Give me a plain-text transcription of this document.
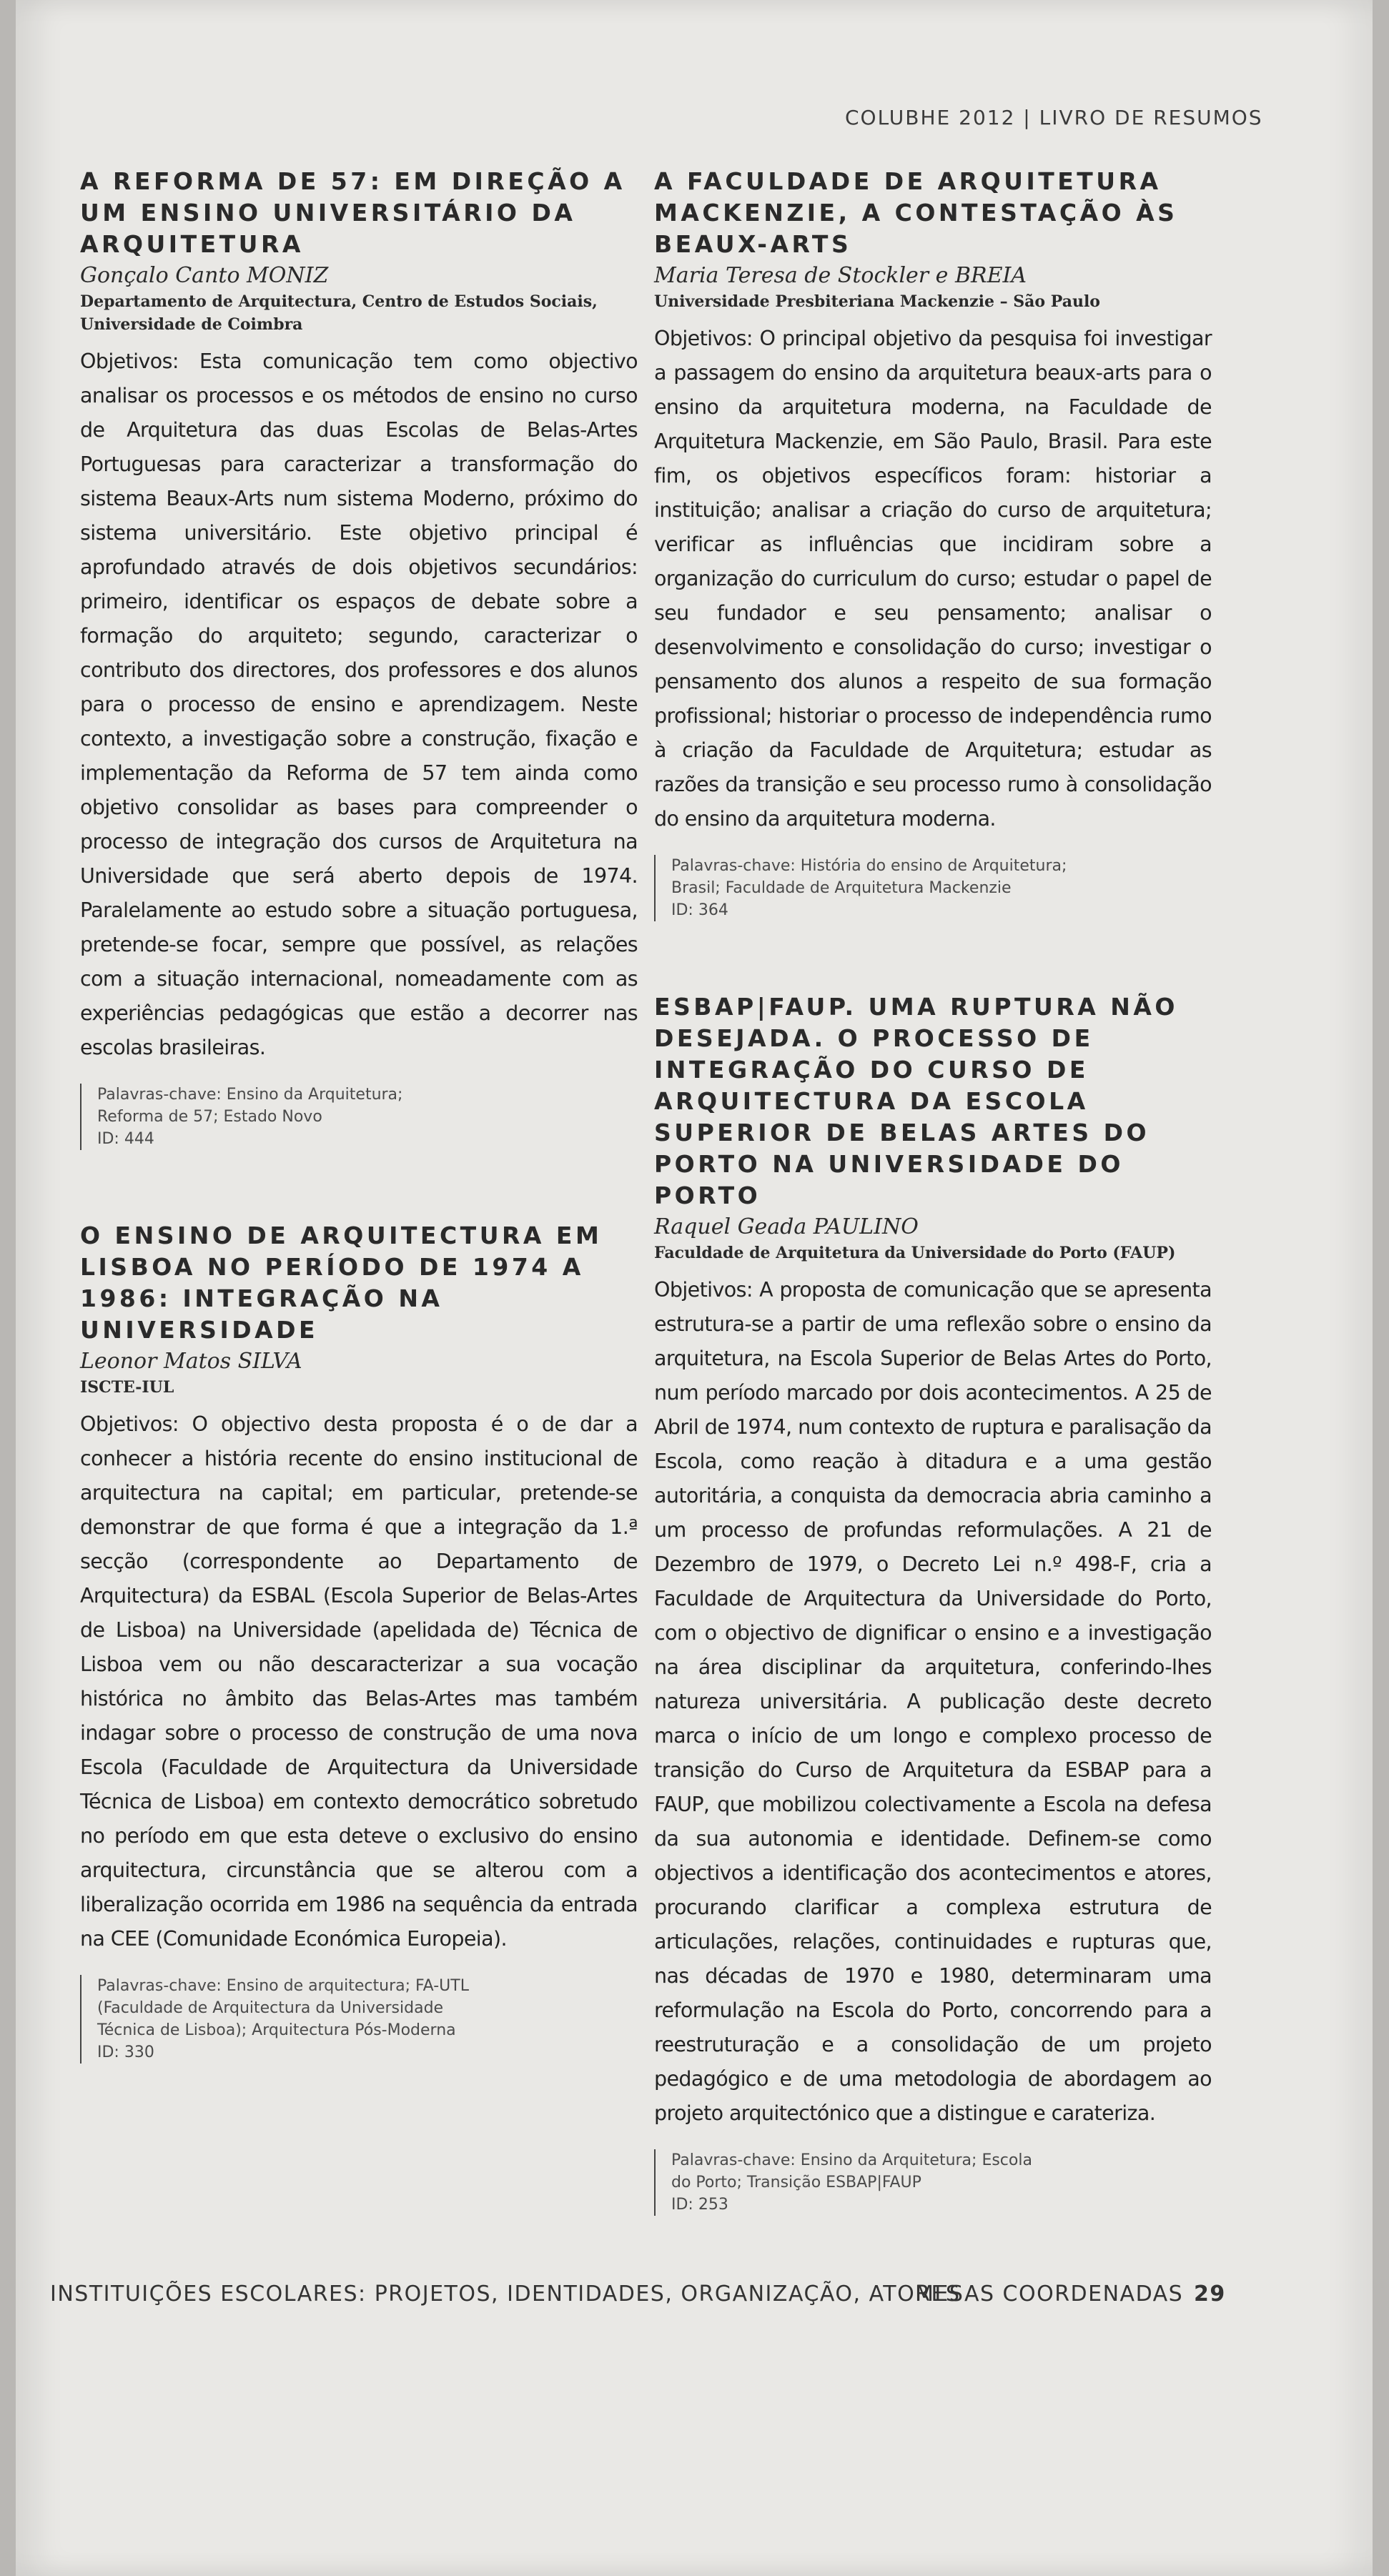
COLUBHE 2012 | LIVRO DE RESUMOS
A REFORMA DE 57: EM DIREÇÃO A UM ENSINO UNIVERSITÁRIO DA ARQUITETURA
Gonçalo Canto MONIZ
Departamento de Arquitectura, Centro de Estudos Sociais, Universidade de Coimbra

Objetivos: Esta comunicação tem como objectivo analisar os processos e os métodos de ensino no curso de Arquitetura das duas Escolas de Belas-Artes Portuguesas para caracterizar a transformação do sistema Beaux-Arts num sistema Moderno, próximo do sistema universitário. Este objetivo principal é aprofundado através de dois objetivos secundários: primeiro, identificar os espaços de debate sobre a formação do arquiteto; segundo, caracterizar o contributo dos directores, dos professores e dos alunos para o processo de ensino e aprendizagem. Neste contexto, a investigação sobre a construção, fixação e implementação da Reforma de 57 tem ainda como objetivo consolidar as bases para compreender o processo de integração dos cursos de Arquitetura na Universidade que será aberto depois de 1974. Paralelamente ao estudo sobre a situação portuguesa, pretende-se focar, sempre que possível, as relações com a situação internacional, nomeadamente com as experiências pedagógicas que estão a decorrer nas escolas brasileiras.

Palavras-chave: Ensino da Arquitetura;
Reforma de 57; Estado Novo
ID: 444
O ENSINO DE ARQUITECTURA EM LISBOA NO PERÍODO DE 1974 A 1986: INTEGRAÇÃO NA UNIVERSIDADE
Leonor Matos SILVA
ISCTE-IUL

Objetivos: O objectivo desta proposta é o de dar a conhecer a história recente do ensino institucional de arquitectura na capital; em particular, pretende-se demonstrar de que forma é que a integração da 1.ª secção (correspondente ao Departamento de Arquitectura) da ESBAL (Escola Superior de Belas-Artes de Lisboa) na Universidade (apelidada de) Técnica de Lisboa vem ou não descaracterizar a sua vocação histórica no âmbito das Belas-Artes mas também indagar sobre o processo de construção de uma nova Escola (Faculdade de Arquitectura da Universidade Técnica de Lisboa) em contexto democrático sobretudo no período em que esta deteve o exclusivo do ensino arquitectura, circunstância que se alterou com a liberalização ocorrida em 1986 na sequência da entrada na CEE (Comunidade Económica Europeia).

Palavras-chave: Ensino de arquitectura; FA-UTL
(Faculdade de Arquitectura da Universidade
Técnica de Lisboa); Arquitectura Pós-Moderna
ID: 330
A FACULDADE DE ARQUITETURA MACKENZIE, A CONTESTAÇÃO ÀS BEAUX-ARTS
Maria Teresa de Stockler e BREIA
Universidade Presbiteriana Mackenzie – São Paulo

Objetivos: O principal objetivo da pesquisa foi investigar a passagem do ensino da arquitetura beaux-arts para o ensino da arquitetura moderna, na Faculdade de Arquitetura Mackenzie, em São Paulo, Brasil. Para este fim, os objetivos específicos foram: historiar a instituição; analisar a criação do curso de arquitetura; verificar as influências que incidiram sobre a organização do curriculum do curso; estudar o papel de seu fundador e seu pensamento; analisar o desenvolvimento e consolidação do curso; investigar o pensamento dos alunos a respeito de sua formação profissional; historiar o processo de independência rumo à criação da Faculdade de Arquitetura; estudar as razões da transição e seu processo rumo à consolidação do ensino da arquitetura moderna.

Palavras-chave: História do ensino de Arquitetura;
Brasil; Faculdade de Arquitetura Mackenzie
ID: 364
ESBAP|FAUP. UMA RUPTURA NÃO DESEJADA. O PROCESSO DE INTEGRAÇÃO DO CURSO DE ARQUITECTURA DA ESCOLA SUPERIOR DE BELAS ARTES DO PORTO NA UNIVERSIDADE DO PORTO
Raquel Geada PAULINO
Faculdade de Arquitetura da Universidade do Porto (FAUP)

Objetivos: A proposta de comunicação que se apresenta estrutura-se a partir de uma reflexão sobre o ensino da arquitetura, na Escola Superior de Belas Artes do Porto, num período marcado por dois acontecimentos. A 25 de Abril de 1974, num contexto de ruptura e paralisação da Escola, como reação à ditadura e a uma gestão autoritária, a conquista da democracia abria caminho a um processo de profundas reformulações. A 21 de Dezembro de 1979, o Decreto Lei n.º 498-F, cria a Faculdade de Arquitectura da Universidade do Porto, com o objectivo de dignificar o ensino e a investigação na área disciplinar da arquitetura, conferindo-lhes natureza universitária. A publicação deste decreto marca o início de um longo e complexo processo de transição do Curso de Arquitetura da ESBAP para a FAUP, que mobilizou colectivamente a Escola na defesa da sua autonomia e identidade. Definem-se como objectivos a identificação dos acontecimentos e atores, procurando clarificar a complexa estrutura de articulações, relações, continuidades e rupturas que, nas décadas de 1970 e 1980, determinaram uma reformulação na Escola do Porto, concorrendo para a reestruturação e a consolidação de um projeto pedagógico e de uma metodologia de abordagem ao projeto arquitectónico que a distingue e carateriza.

Palavras-chave: Ensino da Arquitetura; Escola
do Porto; Transição ESBAP|FAUP
ID: 253
INSTITUIÇÕES ESCOLARES: PROJETOS, IDENTIDADES, ORGANIZAÇÃO, ATORES
MESAS COORDENADAS 29
